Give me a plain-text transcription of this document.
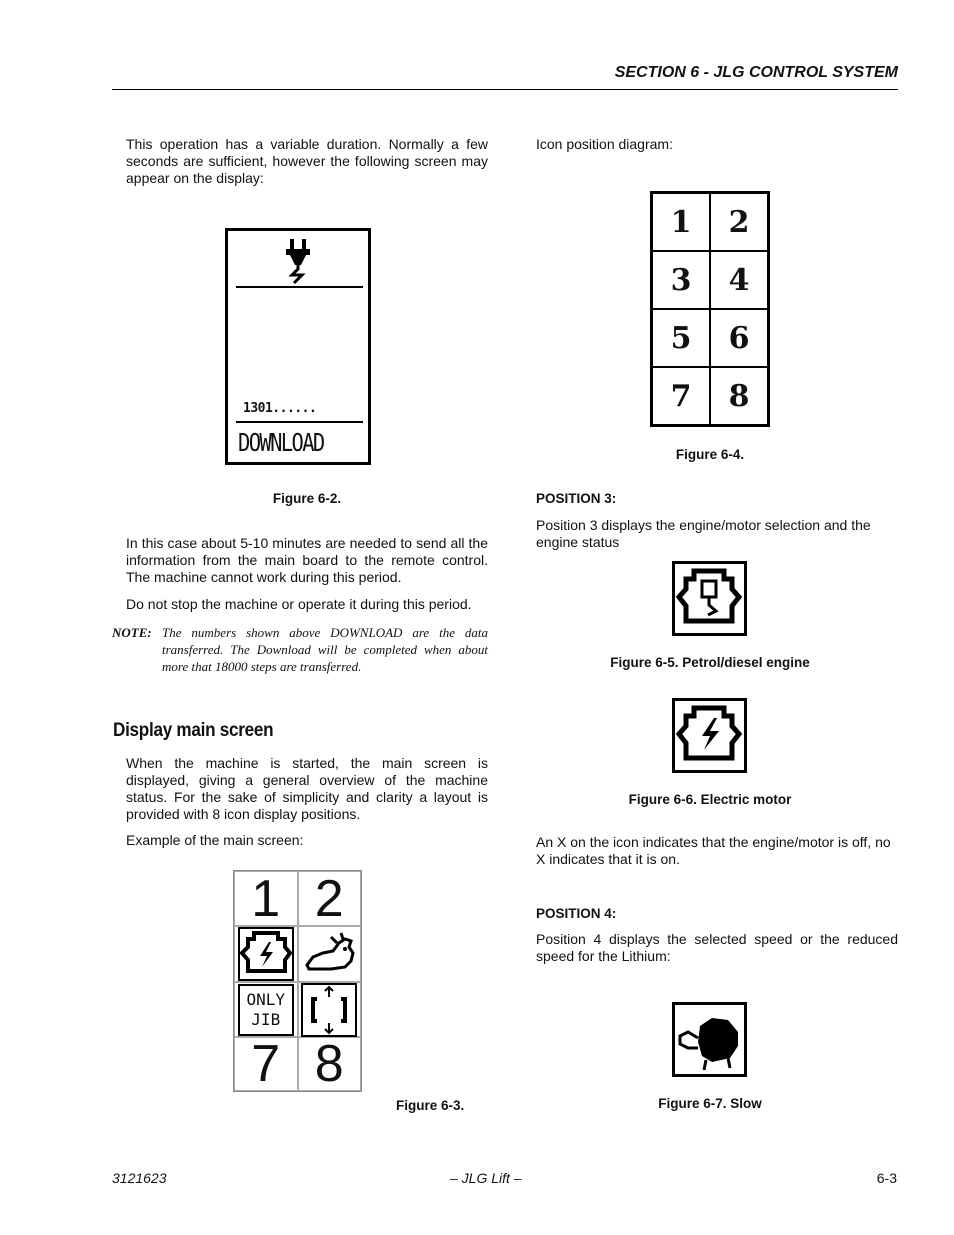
SECTION 6 - JLG CONTROL SYSTEM
This operation has a variable duration. Normally a few seconds are sufficient, however the following screen may appear on the display:
1301......
DOWNLOAD
Figure 6-2.
In this case about 5-10 minutes are needed to send all the information from the main board to the remote control. The machine cannot work during this period.
Do not stop the machine or operate it during this period.
NOTE: The numbers shown above DOWNLOAD are the data transferred. The Download will be completed when about more that 18000 steps are transferred.
Display main screen
When the machine is started, the main screen is displayed, giving a general overview of the machine status. For the sake of simplicity and clarity a layout is provided with 8 icon display positions.
Example of the main screen:
1 2
ONLY
JIB
7 8
Figure 6-3.
Icon position diagram:
1	2
3	4
5	6
7	8
Figure 6-4.
POSITION 3:
Position 3 displays the engine/motor selection and the engine status
Figure 6-5. Petrol/diesel engine
Figure 6-6. Electric motor
An X on the icon indicates that the engine/motor is off, no X indicates that it is on.
POSITION 4:
Position 4 displays the selected speed or the reduced speed for the Lithium:
Figure 6-7. Slow
3121623	– JLG Lift –	6-3
